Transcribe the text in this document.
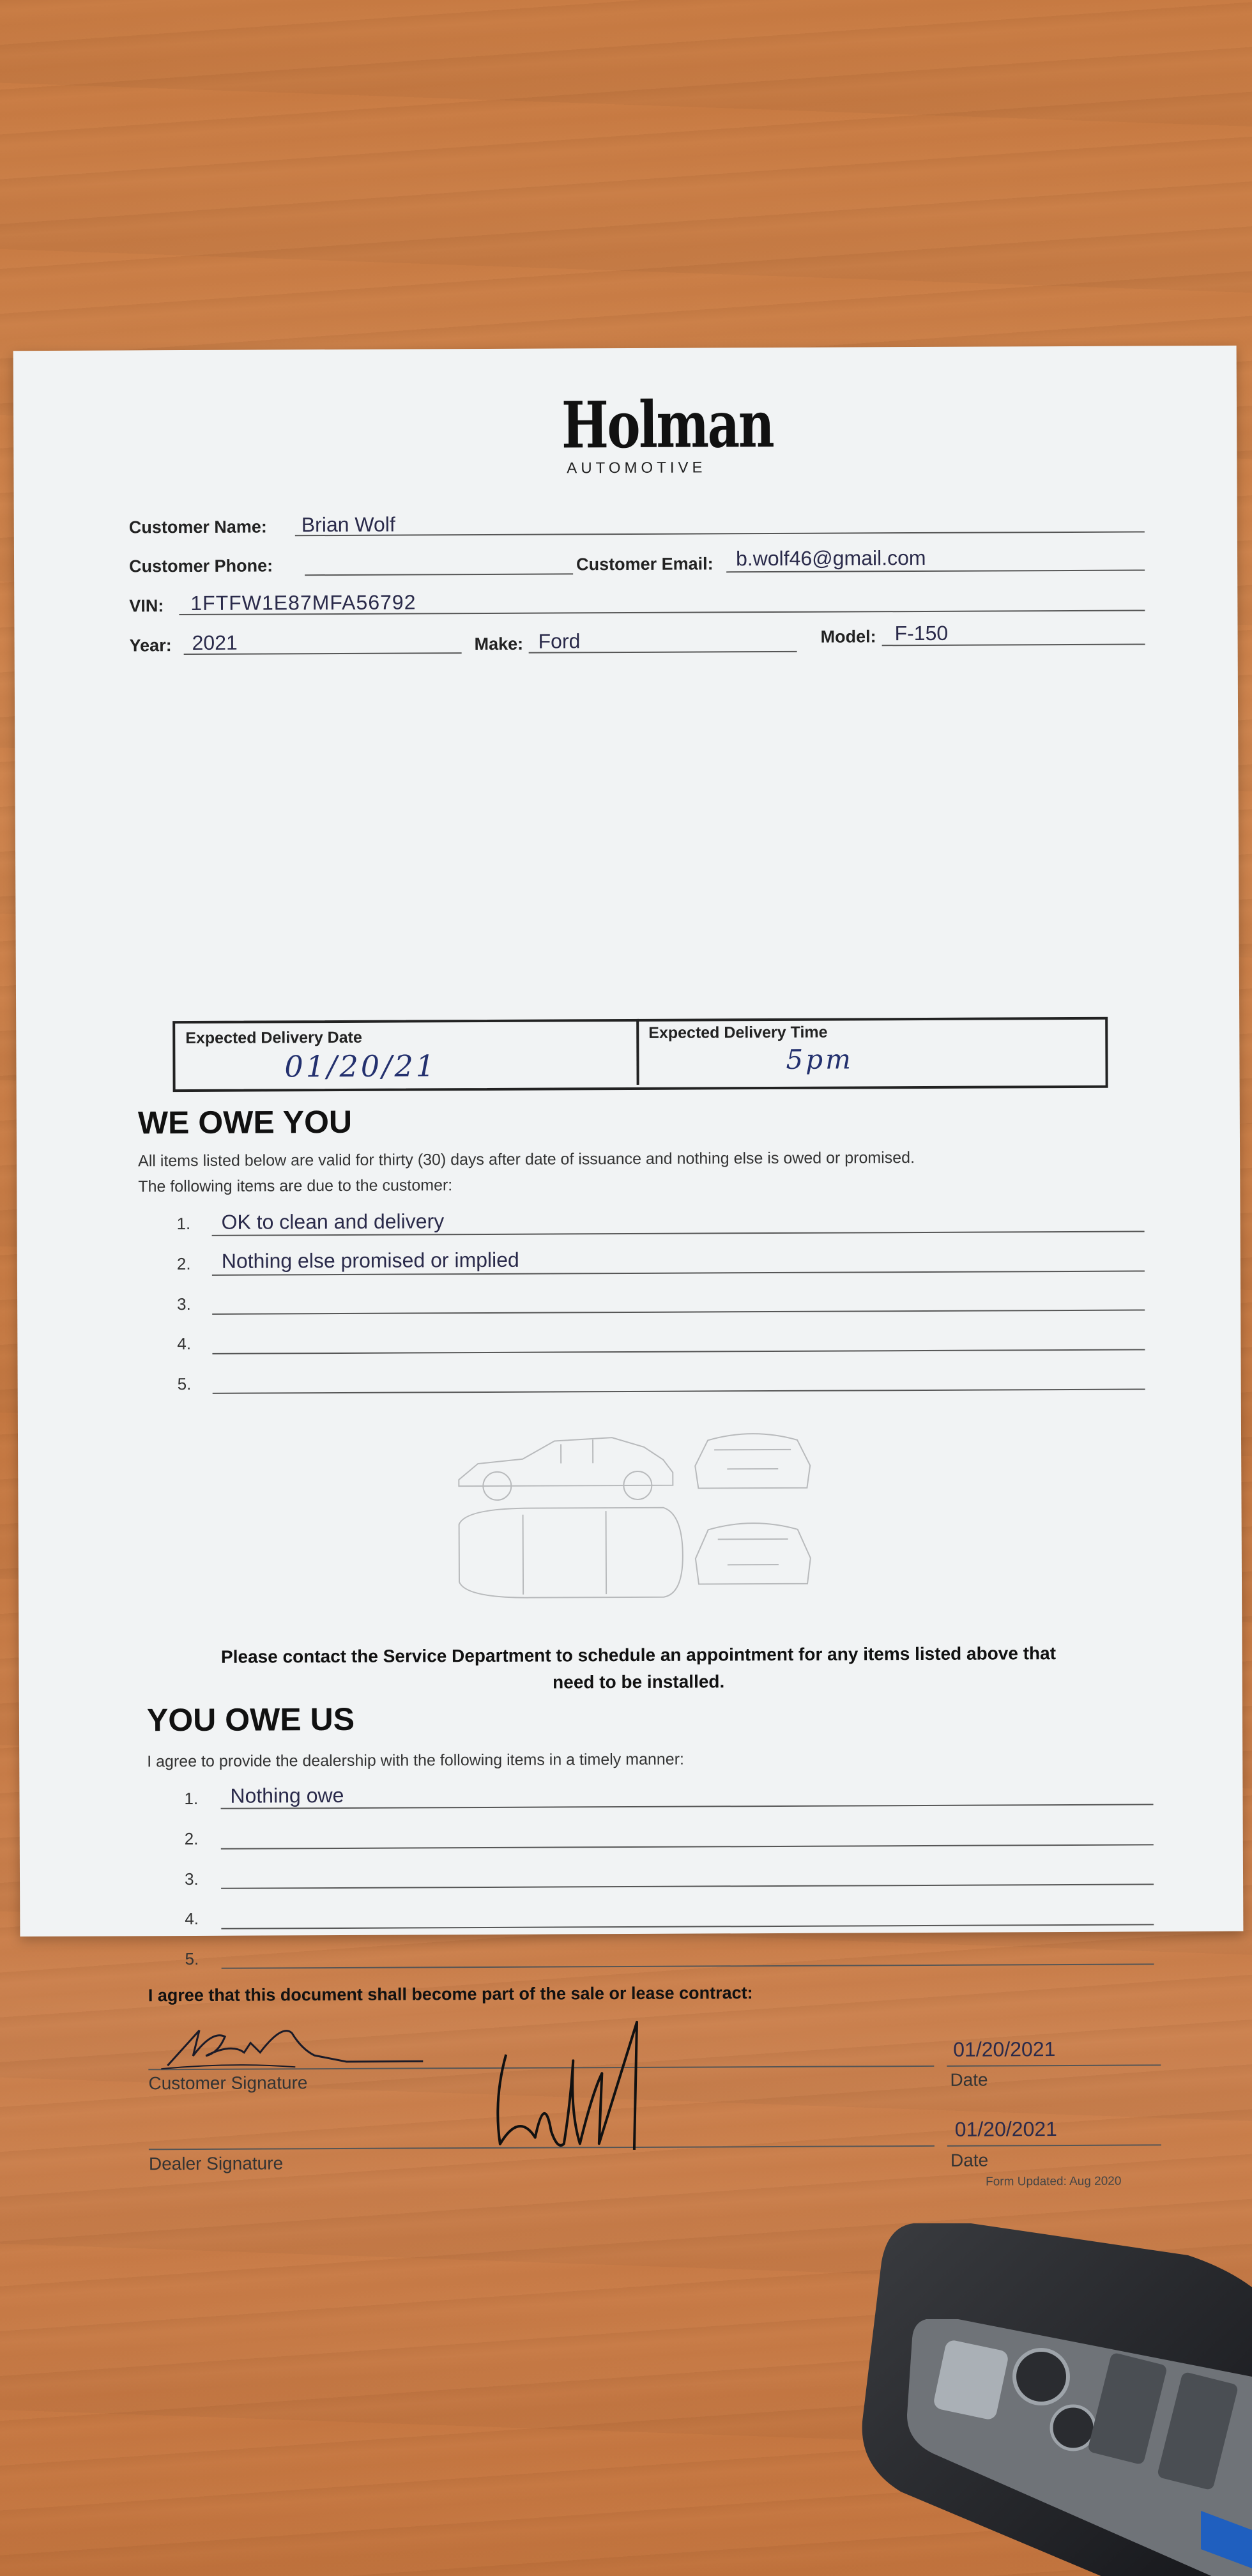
Holman
AUTOMOTIVE
Customer Name: Brian Wolf
Customer Phone:	Customer Email: b.wolf46@gmail.com
VIN: 1FTFW1E87MFA56792
Year: 2021	Make: Ford	Model: F-150
Expected Delivery Date
01/20/21
Expected Delivery Time
5pm
WE OWE YOU
All items listed below are valid for thirty (30) days after date of issuance and nothing else is owed or promised.
The following items are due to the customer:
1. OK to clean and delivery
2. Nothing else promised or implied
3.
4.
5.
Please contact the Service Department to schedule an appointment for any items listed above that
need to be installed.
YOU OWE US
I agree to provide the dealership with the following items in a timely manner:
1. Nothing owe
2.
3.
4.
5.
I agree that this document shall become part of the sale or lease contract:
Customer Signature
01/20/2021
Date
Dealer Signature
01/20/2021
Date
Form Updated: Aug 2020
